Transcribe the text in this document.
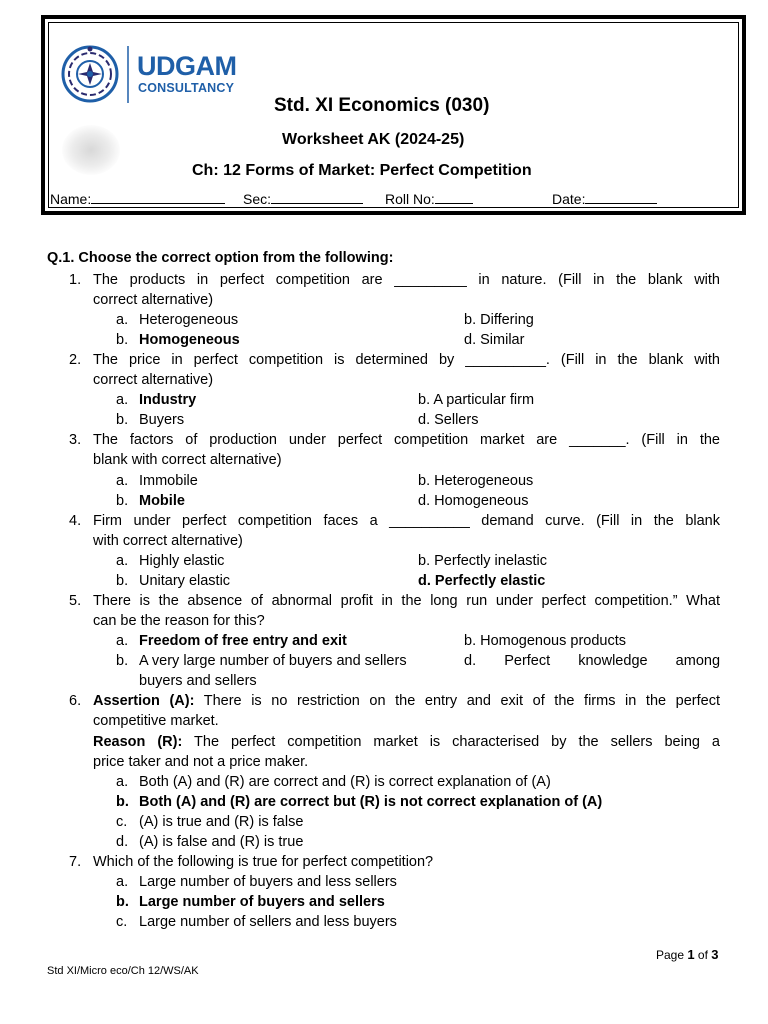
UDGAM
CONSULTANCY
Std. XI Economics (030)
Worksheet AK (2024-25)
Ch: 12 Forms of Market: Perfect Competition
Name:	Sec:	Roll No:	Date:
Q.1. Choose the correct option from the following:
1. The products in perfect competition are _________ in nature. (Fill in the blank with
correct alternative)
a. Heterogeneous	b. Differing
b. Homogeneous	d. Similar
2. The price in perfect competition is determined by __________. (Fill in the blank with
correct alternative)
a. Industry	b. A particular firm
b. Buyers	d. Sellers
3. The factors of production under perfect competition market are _______. (Fill in the
blank with correct alternative)
a. Immobile	b. Heterogeneous
b. Mobile	d. Homogeneous
4. Firm under perfect competition faces a __________ demand curve. (Fill in the blank
with correct alternative)
a. Highly elastic	b. Perfectly inelastic
b. Unitary elastic	d. Perfectly elastic
5. There is the absence of abnormal profit in the long run under perfect competition.” What
can be the reason for this?
a. Freedom of free entry and exit	b. Homogenous products
b. A very large number of buyers and sellers	d. Perfect knowledge among
buyers and sellers
6. Assertion (A): There is no restriction on the entry and exit of the firms in the perfect
competitive market.
Reason (R): The perfect competition market is characterised by the sellers being a
price taker and not a price maker.
a. Both (A) and (R) are correct and (R) is correct explanation of (A)
b. Both (A) and (R) are correct but (R) is not correct explanation of (A)
c. (A) is true and (R) is false
d. (A) is false and (R) is true
7. Which of the following is true for perfect competition?
a. Large number of buyers and less sellers
b. Large number of buyers and sellers
c. Large number of sellers and less buyers
Page 1 of 3
Std XI/Micro eco/Ch 12/WS/AK
